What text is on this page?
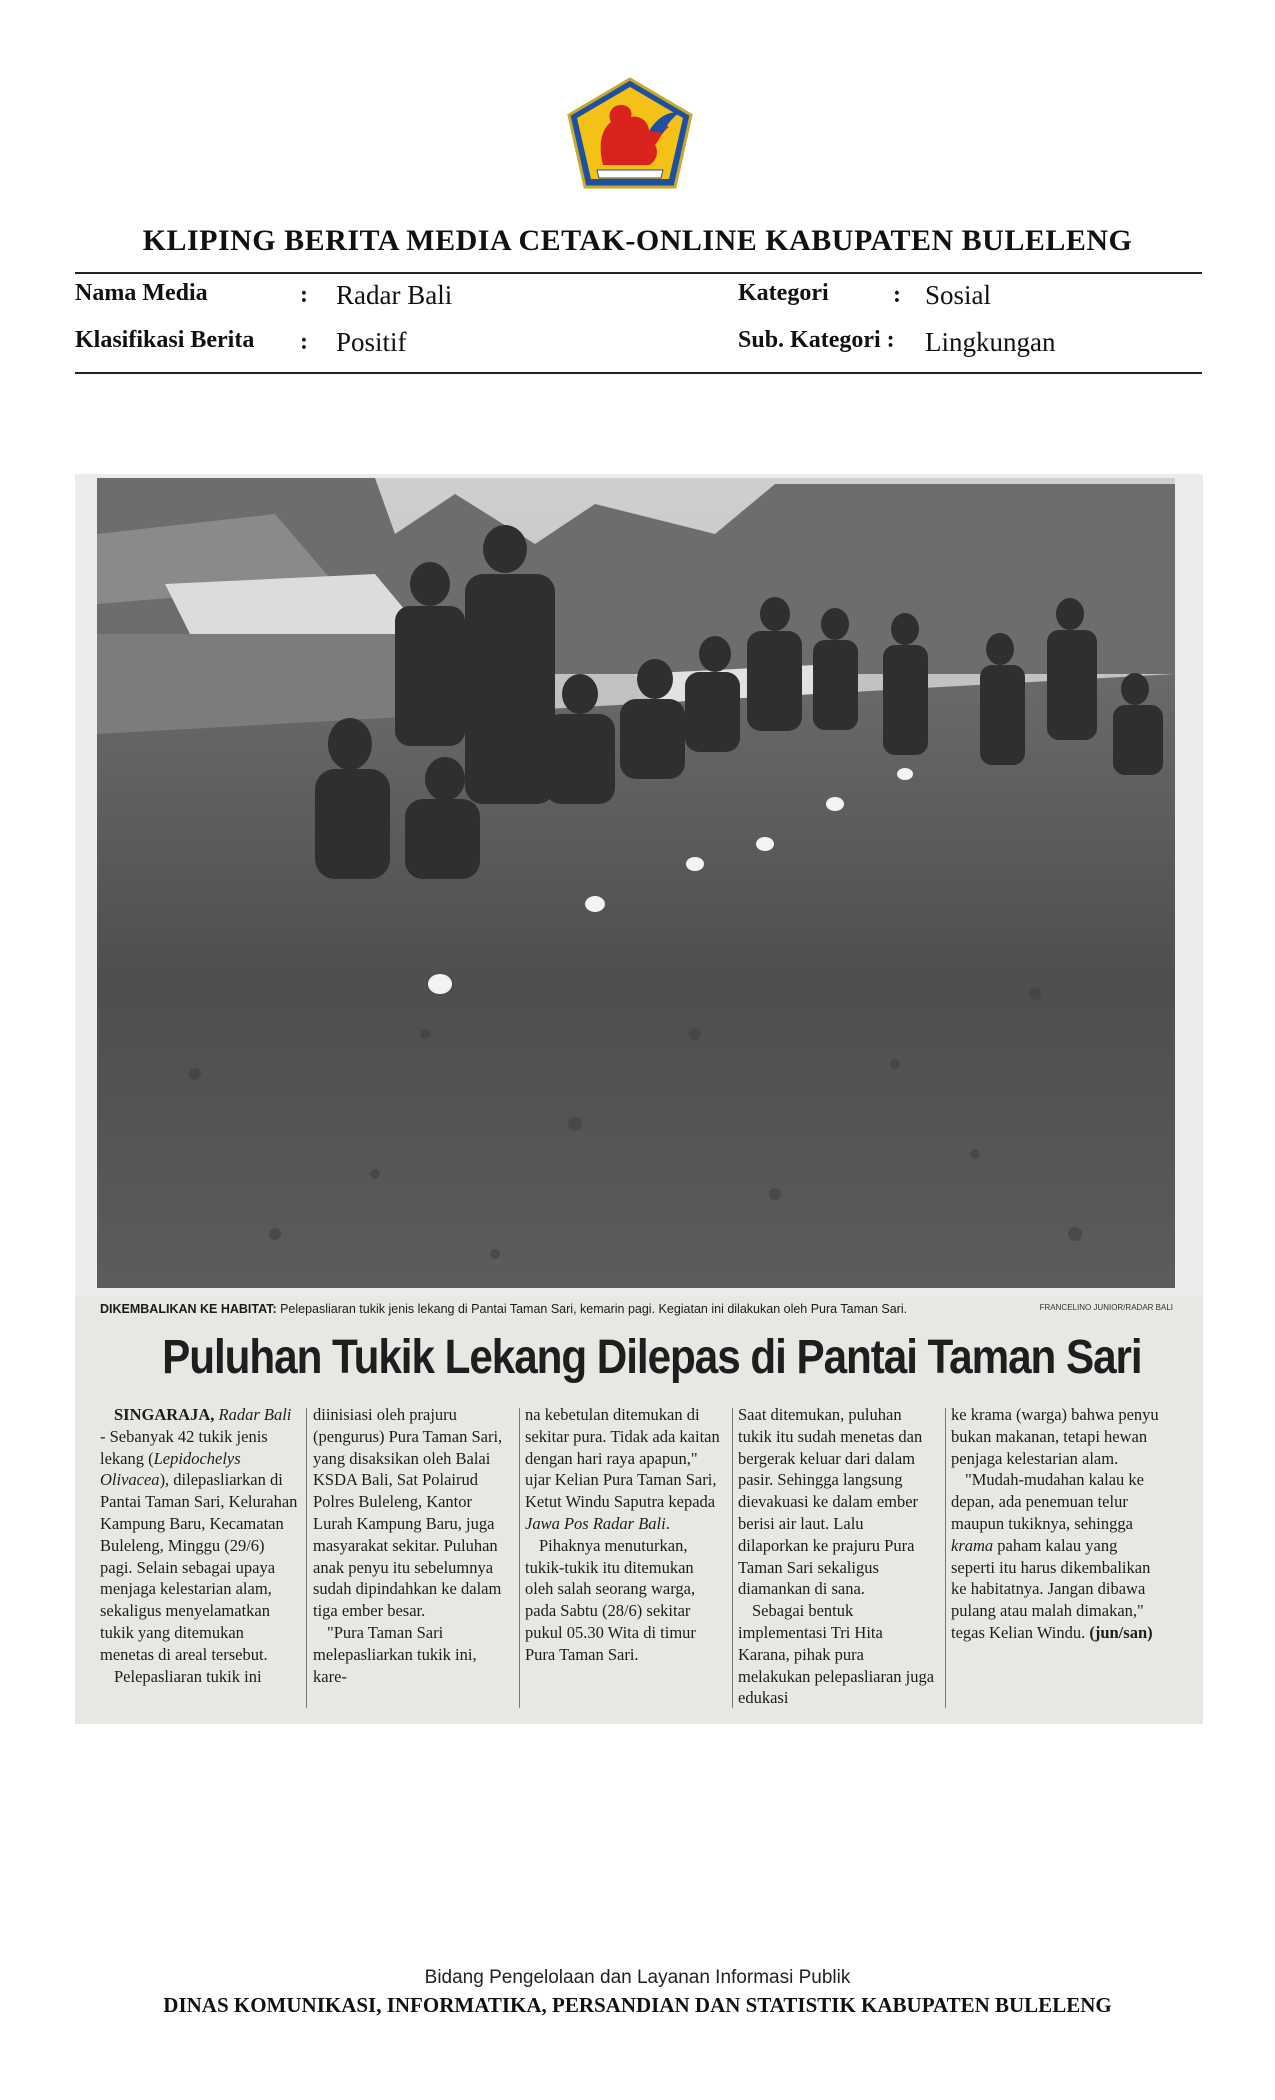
KLIPING BERITA MEDIA CETAK-ONLINE KABUPATEN BULELENG
Nama Media	: Radar Bali	Kategori	: Sosial
Klasifikasi Berita : Positif	Sub. Kategori : Lingkungan
DIKEMBALIKAN KE HABITAT: Pelepasliaran tukik jenis lekang di Pantai Taman Sari, kemarin pagi. Kegiatan ini dilakukan oleh Pura Taman Sari.	FRANCELINO JUNIOR/RADAR BALI
Puluhan Tukik Lekang Dilepas di Pantai Taman Sari

SINGARAJA, Radar Bali - Sebanyak 42 tukik jenis lekang (Lepidochelys Olivacea), dilepasliarkan di Pantai Taman Sari, Kelurahan Kampung Baru, Kecamatan Buleleng, Minggu (29/6) pagi. Selain sebagai upaya menjaga kelestarian alam, sekaligus menyelamatkan tukik yang ditemukan menetas di areal tersebut.

Pelepasliaran tukik ini

diinisiasi oleh prajuru (pengurus) Pura Taman Sari, yang disaksikan oleh Balai KSDA Bali, Sat Polairud Polres Buleleng, Kantor Lurah Kampung Baru, juga masyarakat sekitar. Puluhan anak penyu itu sebelumnya sudah dipindahkan ke dalam tiga ember besar.

"Pura Taman Sari melepasliarkan tukik ini, kare-

na kebetulan ditemukan di sekitar pura. Tidak ada kaitan dengan hari raya apapun," ujar Kelian Pura Taman Sari, Ketut Windu Saputra kepada Jawa Pos Radar Bali.

Pihaknya menuturkan, tukik-tukik itu ditemukan oleh salah seorang warga, pada Sabtu (28/6) sekitar pukul 05.30 Wita di timur Pura Taman Sari.

Saat ditemukan, puluhan tukik itu sudah menetas dan bergerak keluar dari dalam pasir. Sehingga langsung dievakuasi ke dalam ember berisi air laut. Lalu dilaporkan ke prajuru Pura Taman Sari sekaligus diamankan di sana.

Sebagai bentuk implementasi Tri Hita Karana, pihak pura melakukan pelepasliaran juga edukasi

ke krama (warga) bahwa penyu bukan makanan, tetapi hewan penjaga kelestarian alam.

"Mudah-mudahan kalau ke depan, ada penemuan telur maupun tukiknya, sehingga krama paham kalau yang seperti itu harus dikembalikan ke habitatnya. Jangan dibawa pulang atau malah dimakan," tegas Kelian Windu. (jun/san)

Bidang Pengelolaan dan Layanan Informasi Publik
DINAS KOMUNIKASI, INFORMATIKA, PERSANDIAN DAN STATISTIK KABUPATEN BULELENG
